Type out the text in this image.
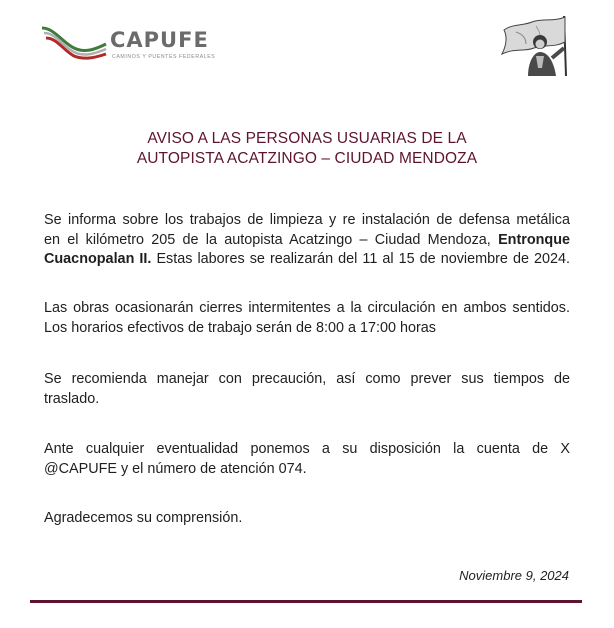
CAPUFE
CAMINOS Y PUENTES FEDERALES
AVISO A LAS PERSONAS USUARIAS DE LA
AUTOPISTA ACATZINGO – CIUDAD MENDOZA
Se informa sobre los trabajos de limpieza y re instalación de defensa metálica
en el kilómetro 205 de la autopista Acatzingo – Ciudad Mendoza, Entronque
Cuacnopalan II. Estas labores se realizarán del 11 al 15 de noviembre de 2024.
Las obras ocasionarán cierres intermitentes a la circulación en ambos sentidos.
Los horarios efectivos de trabajo serán de 8:00 a 17:00 horas
Se recomienda manejar con precaución, así como prever sus tiempos de
traslado.
Ante cualquier eventualidad ponemos a su disposición la cuenta de X
@CAPUFE y el número de atención 074.
Agradecemos su comprensión.
Noviembre 9, 2024
